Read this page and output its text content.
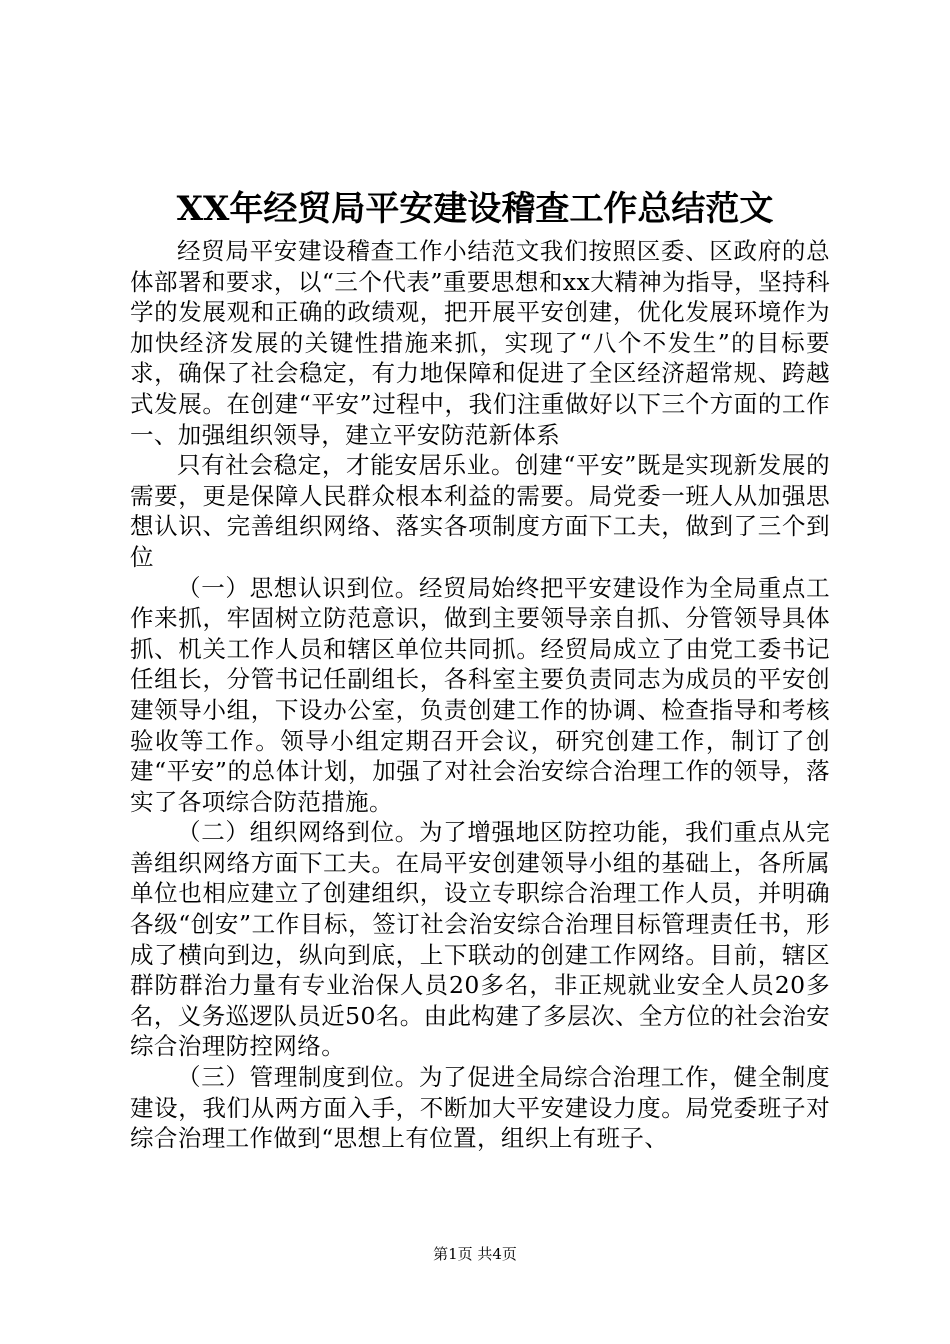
XX年经贸局平安建设稽查工作总结范文

经贸局平安建设稽查工作小结范文我们按照区委、区政府的总体部署和要求，以“三个代表”重要思想和xx大精神为指导，坚持科学的发展观和正确的政绩观，把开展平安创建，优化发展环境作为加快经济发展的关键性措施来抓，实现了“八个不发生”的目标要求，确保了社会稳定，有力地保障和促进了全区经济超常规、跨越式发展。在创建“平安”过程中，我们注重做好以下三个方面的工作一、加强组织领导，建立平安防范新体系

只有社会稳定，才能安居乐业。创建“平安”既是实现新发展的需要，更是保障人民群众根本利益的需要。局党委一班人从加强思想认识、完善组织网络、落实各项制度方面下工夫，做到了三个到位

（一）思想认识到位。经贸局始终把平安建设作为全局重点工作来抓，牢固树立防范意识，做到主要领导亲自抓、分管领导具体抓、机关工作人员和辖区单位共同抓。经贸局成立了由党工委书记任组长，分管书记任副组长，各科室主要负责同志为成员的平安创建领导小组，下设办公室，负责创建工作的协调、检查指导和考核验收等工作。领导小组定期召开会议，研究创建工作，制订了创建“平安”的总体计划，加强了对社会治安综合治理工作的领导，落实了各项综合防范措施。

（二）组织网络到位。为了增强地区防控功能，我们重点从完善组织网络方面下工夫。在局平安创建领导小组的基础上，各所属单位也相应建立了创建组织，设立专职综合治理工作人员，并明确各级“创安”工作目标，签订社会治安综合治理目标管理责任书，形成了横向到边，纵向到底，上下联动的创建工作网络。目前，辖区群防群治力量有专业治保人员20多名，非正规就业安全人员20多名，义务巡逻队员近50名。由此构建了多层次、全方位的社会治安综合治理防控网络。

（三）管理制度到位。为了促进全局综合治理工作，健全制度建设，我们从两方面入手，不断加大平安建设力度。局党委班子对综合治理工作做到“思想上有位置，组织上有班子、

第1页 共4页
